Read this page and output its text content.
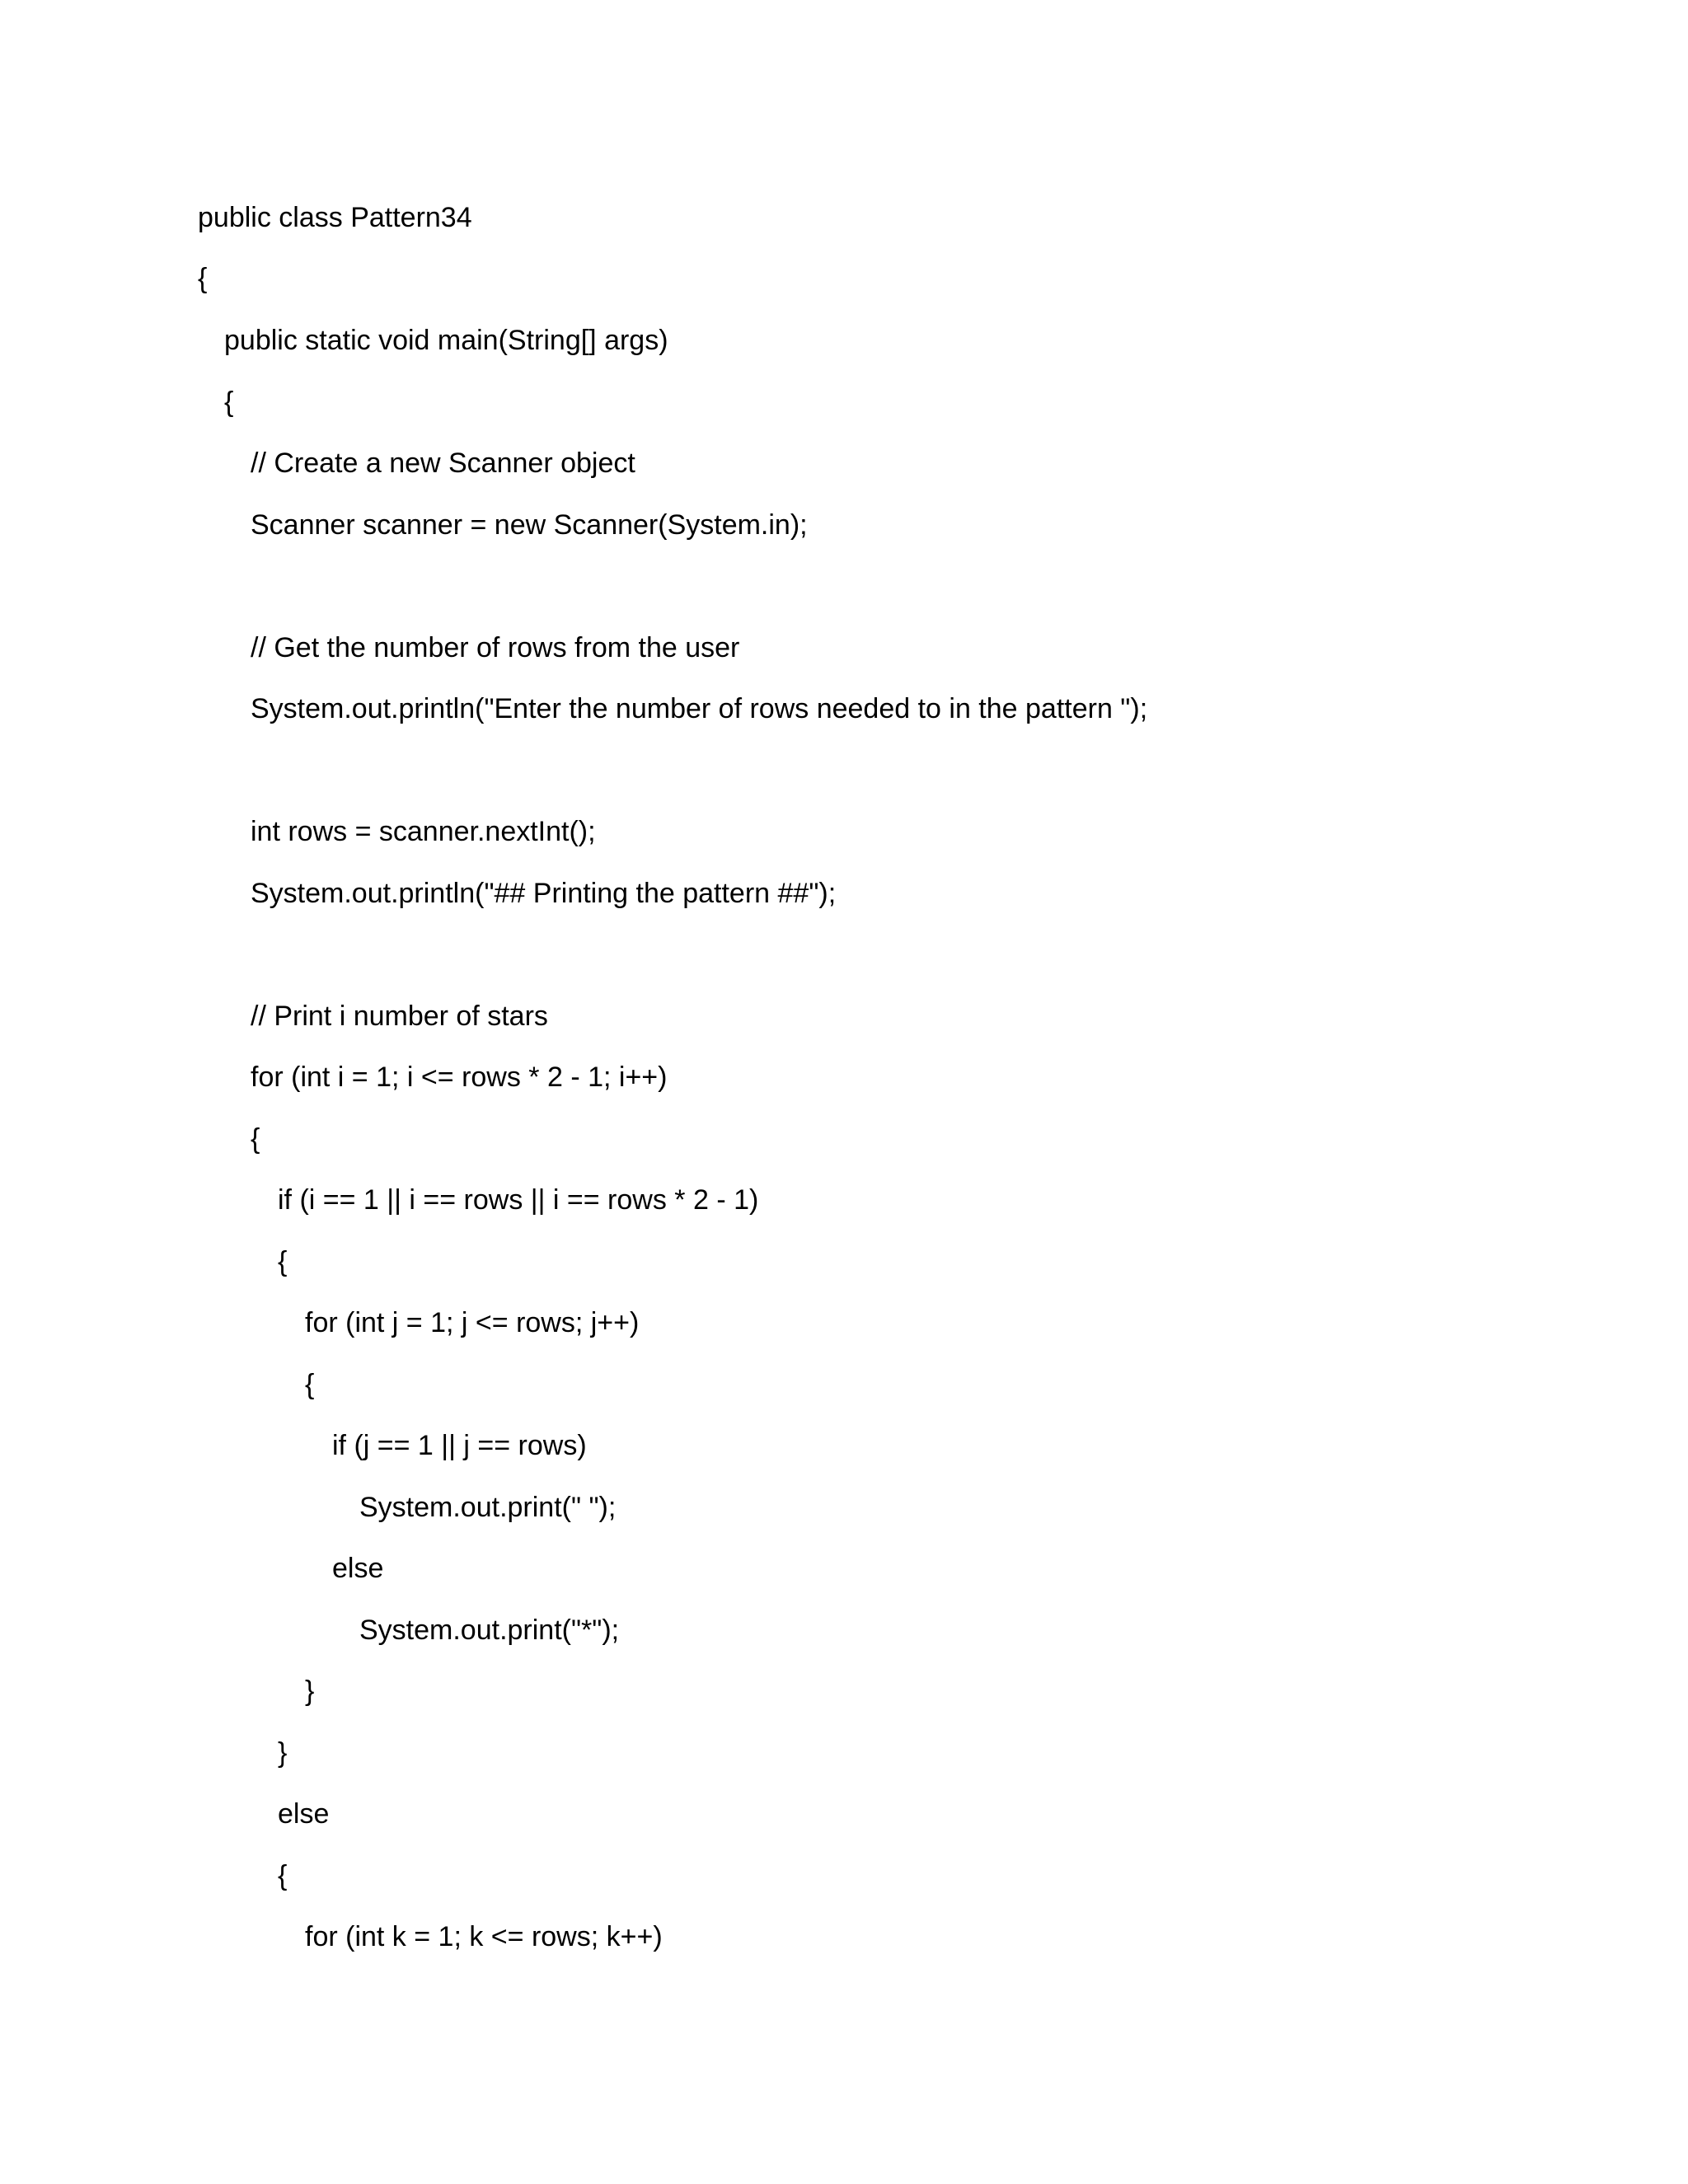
public class Pattern34
{
public static void main(String[] args)
{
// Create a new Scanner object
Scanner scanner = new Scanner(System.in);
// Get the number of rows from the user
System.out.println("Enter the number of rows needed to in the pattern ");
int rows = scanner.nextInt();
System.out.println("## Printing the pattern ##");
// Print i number of stars
for (int i = 1; i <= rows * 2 - 1; i++)
{
if (i == 1 || i == rows || i == rows * 2 - 1)
{
for (int j = 1; j <= rows; j++)
{
if (j == 1 || j == rows)
System.out.print(" ");
else
System.out.print("*");
}
}
else
{
for (int k = 1; k <= rows; k++)
